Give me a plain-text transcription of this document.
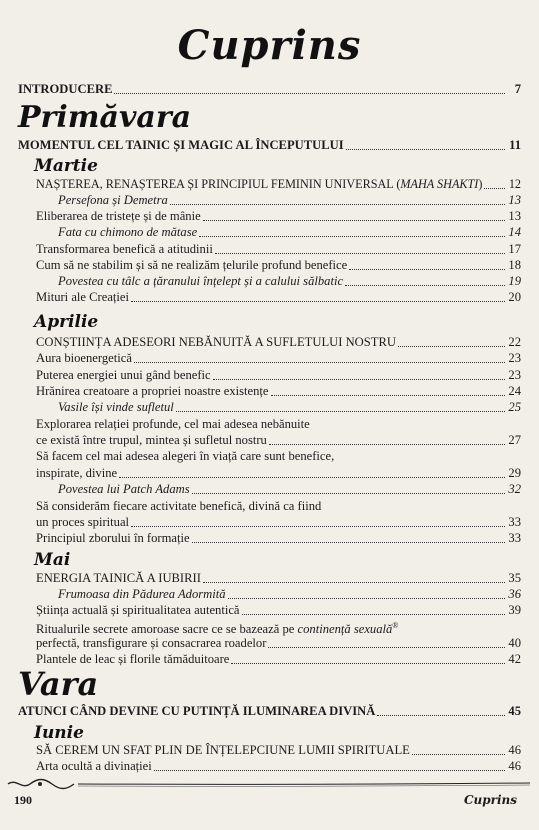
Cuprins
INTRODUCERE	7
Primăvara
MOMENTUL CEL TAINIC ȘI MAGIC AL ÎNCEPUTULUI	11
Martie
NAȘTEREA, RENAȘTEREA ȘI PRINCIPIUL FEMININ UNIVERSAL (MAHA SHAKTI) 12
Persefona și Demetra	13
Eliberarea de tristețe și de mânie	13
Fata cu chimono de mătase	14
Transformarea benefică a atitudinii	17
Cum să ne stabilim și să ne realizăm țelurile profund benefice	18
Povestea cu tâlc a țăranului înțelept și a calului sălbatic	19
Mituri ale Creației	20
Aprilie
CONȘTIINȚA ADESEORI NEBĂNUITĂ A SUFLETULUI NOSTRU	22
Aura bioenergetică	23
Puterea energiei unui gând benefic	23
Hrănirea creatoare a propriei noastre existențe	24
Vasile își vinde sufletul	25
Explorarea relației profunde, cel mai adesea nebănuite
ce există între trupul, mintea și sufletul nostru	27
Să facem cel mai adesea alegeri în viață care sunt benefice,
inspirate, divine	29
Povestea lui Patch Adams	32
Să considerăm fiecare activitate benefică, divină ca fiind
un proces spiritual	33
Principiul zborului în formație	33
Mai
ENERGIA TAINICĂ A IUBIRII	35
Frumoasa din Pădurea Adormită	36
Știința actuală și spiritualitatea autentică	39
Ritualurile secrete amoroase sacre ce se bazează pe continență sexuală®
perfectă, transfigurare și consacrarea roadelor	40
Plantele de leac și florile tămăduitoare	42
Vara
ATUNCI CÂND DEVINE CU PUTINȚĂ ILUMINAREA DIVINĂ	45
Iunie
SĂ CEREM UN SFAT PLIN DE ÎNȚELEPCIUNE LUMII SPIRITUALE	46
Arta ocultă a divinației	46
190	Cuprins
